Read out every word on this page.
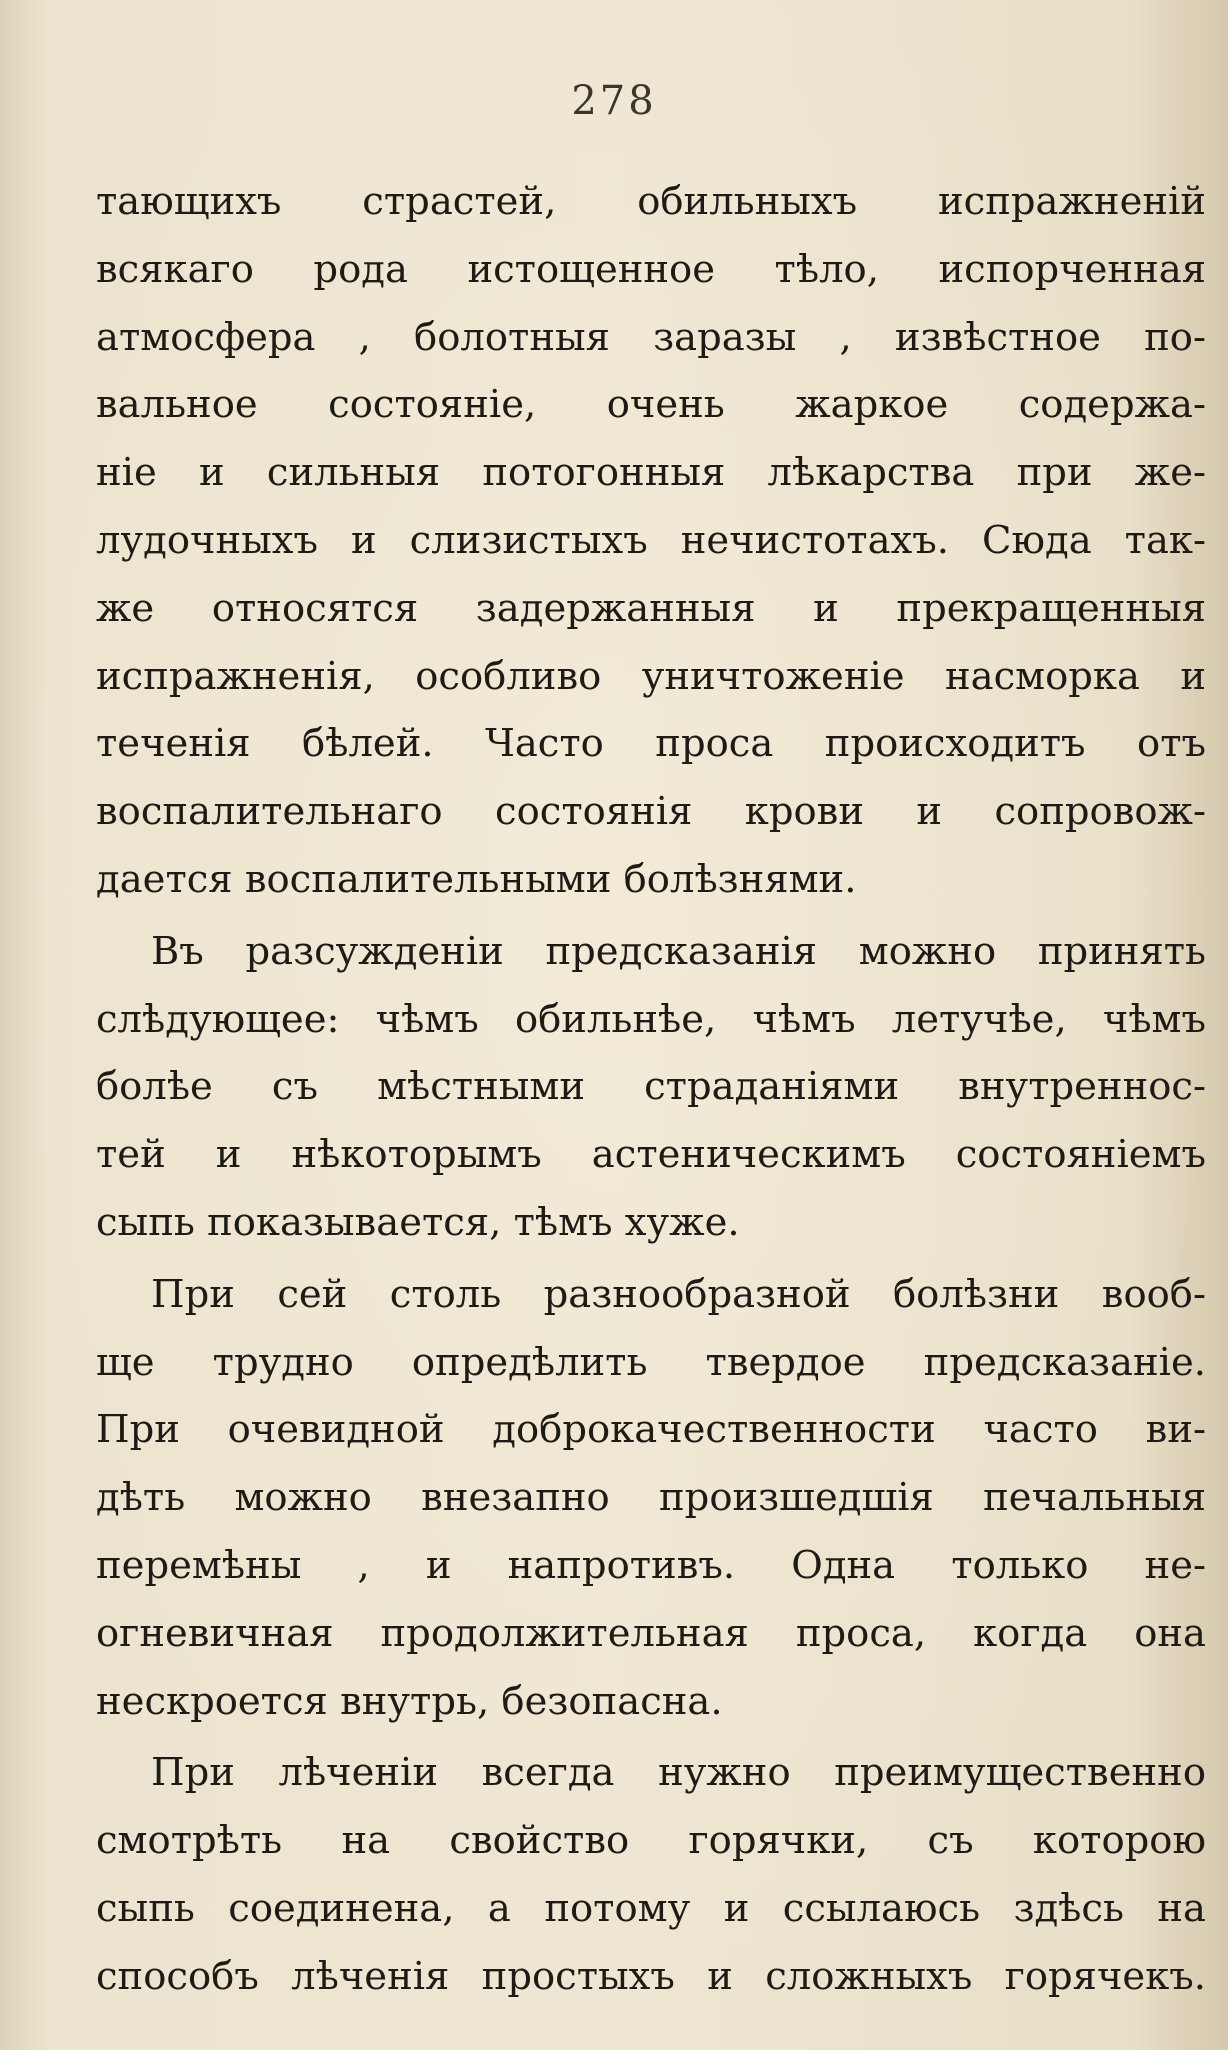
278
тающихъ страстей, обильныхъ испражненій
всякаго рода истощенное тѣло, испорченная
атмосфера , болотныя заразы , извѣстное по-
вальное состояніе, очень жаркое содержа-
ніе и сильныя потогонныя лѣкарства при же-
лудочныхъ и слизистыхъ нечистотахъ. Сюда так-
же относятся задержанныя и прекращенныя
испражненія, особливо уничтоженіе насморка и
теченія бѣлей. Часто проса происходитъ отъ
воспалительнаго состоянія крови и сопровож-
дается воспалительными болѣзнями.
Въ разсужденіи предсказанія можно принять
слѣдующее: чѣмъ обильнѣе, чѣмъ летучѣе, чѣмъ
болѣе съ мѣстными страданіями внутреннос-
тей и нѣкоторымъ астеническимъ состояніемъ
сыпь показывается, тѣмъ хуже.
При сей столь разнообразной болѣзни вооб-
ще трудно опредѣлить твердое предсказаніе.
При очевидной доброкачественности часто ви-
дѣть можно внезапно произшедшія печальныя
перемѣны , и напротивъ. Одна только не-
огневичная продолжительная проса, когда она
нескроется внутрь, безопасна.
При лѣченіи всегда нужно преимущественно
смотрѣть на свойство горячки, съ которою
сыпь соединена, а потому и ссылаюсь здѣсь на
способъ лѣченія простыхъ и сложныхъ горячекъ.
